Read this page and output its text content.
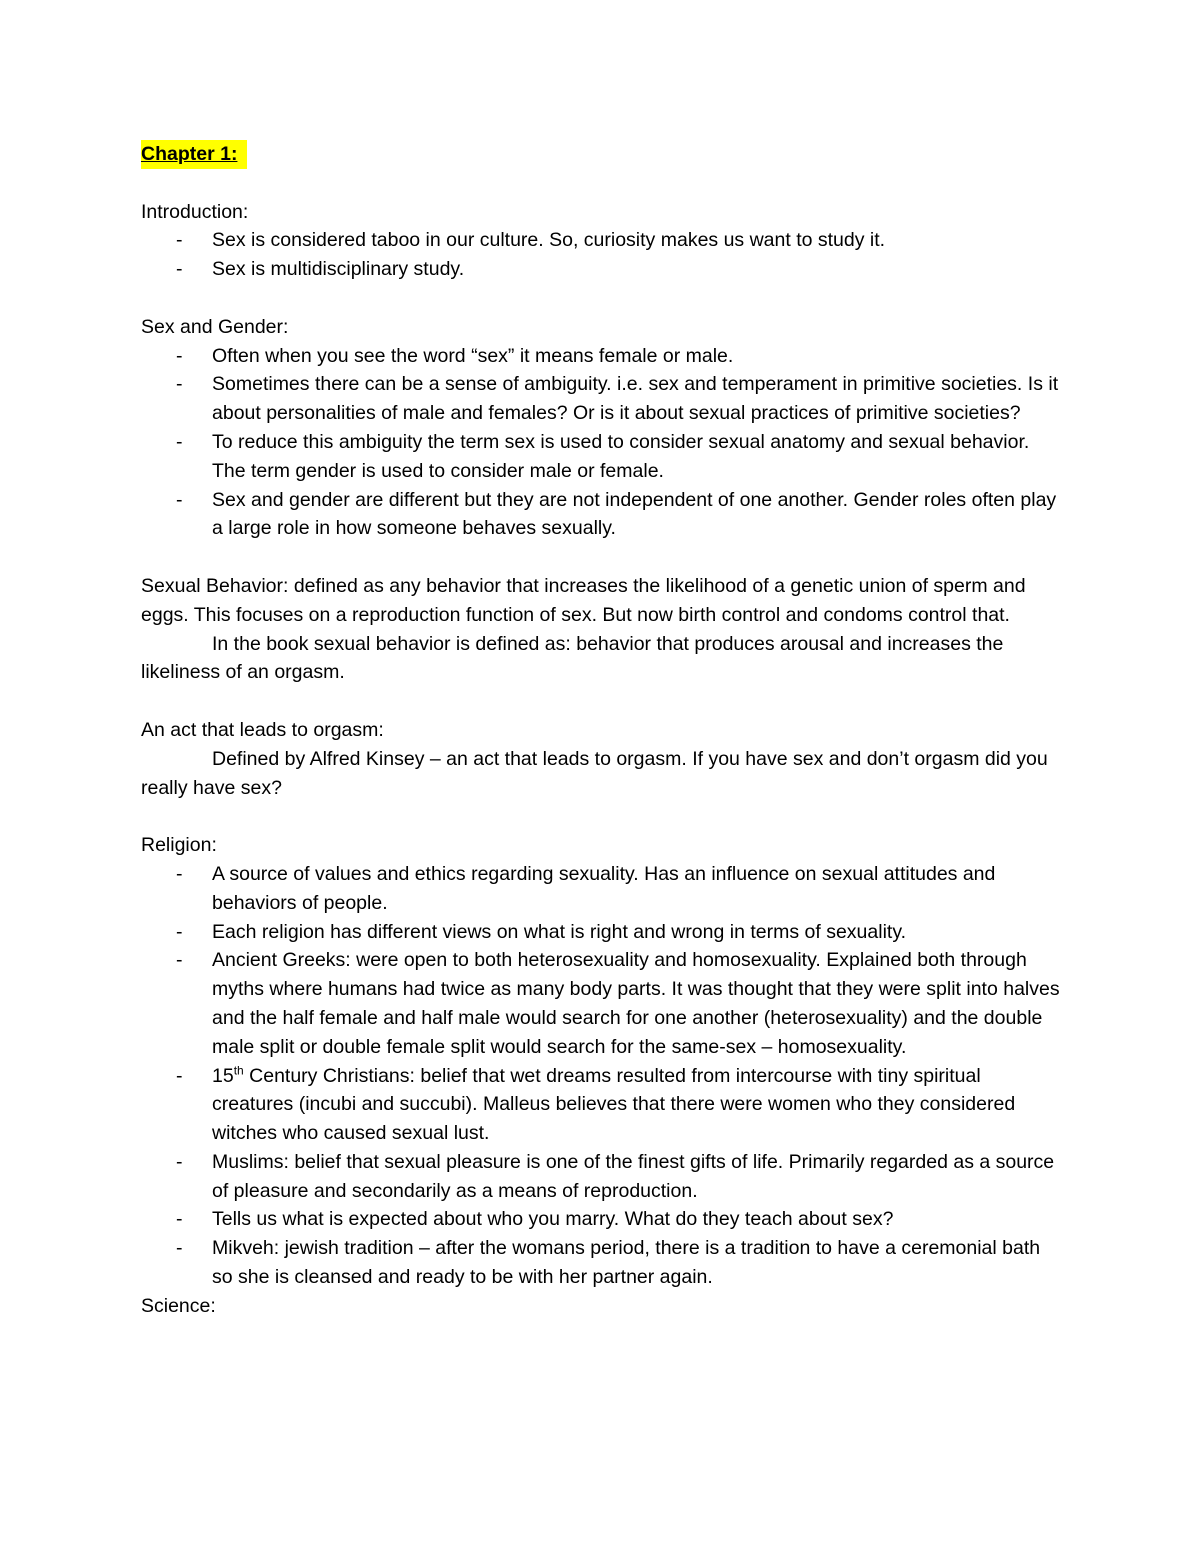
Chapter 1:

Introduction:

- Sex is considered taboo in our culture. So, curiosity makes us want to study it.
- Sex is multidisciplinary study.

Sex and Gender:

- Often when you see the word “sex” it means female or male.
- Sometimes there can be a sense of ambiguity. i.e. sex and temperament in primitive societies. Is it about personalities of male and females? Or is it about sexual practices of primitive societies?
- To reduce this ambiguity the term sex is used to consider sexual anatomy and sexual behavior. The term gender is used to consider male or female.
- Sex and gender are different but they are not independent of one another. Gender roles often play a large role in how someone behaves sexually.

Sexual Behavior: defined as any behavior that increases the likelihood of a genetic union of sperm and eggs. This focuses on a reproduction function of sex. But now birth control and condoms control that.

In the book sexual behavior is defined as: behavior that produces arousal and increases the likeliness of an orgasm.

An act that leads to orgasm:

Defined by Alfred Kinsey – an act that leads to orgasm. If you have sex and don’t orgasm did you really have sex?

Religion:

- A source of values and ethics regarding sexuality. Has an influence on sexual attitudes and behaviors of people.
- Each religion has different views on what is right and wrong in terms of sexuality.
- Ancient Greeks: were open to both heterosexuality and homosexuality. Explained both through myths where humans had twice as many body parts. It was thought that they were split into halves and the half female and half male would search for one another (heterosexuality) and the double male split or double female split would search for the same-sex – homosexuality.
- 15th Century Christians: belief that wet dreams resulted from intercourse with tiny spiritual creatures (incubi and succubi). Malleus believes that there were women who they considered witches who caused sexual lust.
- Muslims: belief that sexual pleasure is one of the finest gifts of life. Primarily regarded as a source of pleasure and secondarily as a means of reproduction.
- Tells us what is expected about who you marry. What do they teach about sex?
- Mikveh: jewish tradition – after the womans period, there is a tradition to have a ceremonial bath so she is cleansed and ready to be with her partner again.

Science:
